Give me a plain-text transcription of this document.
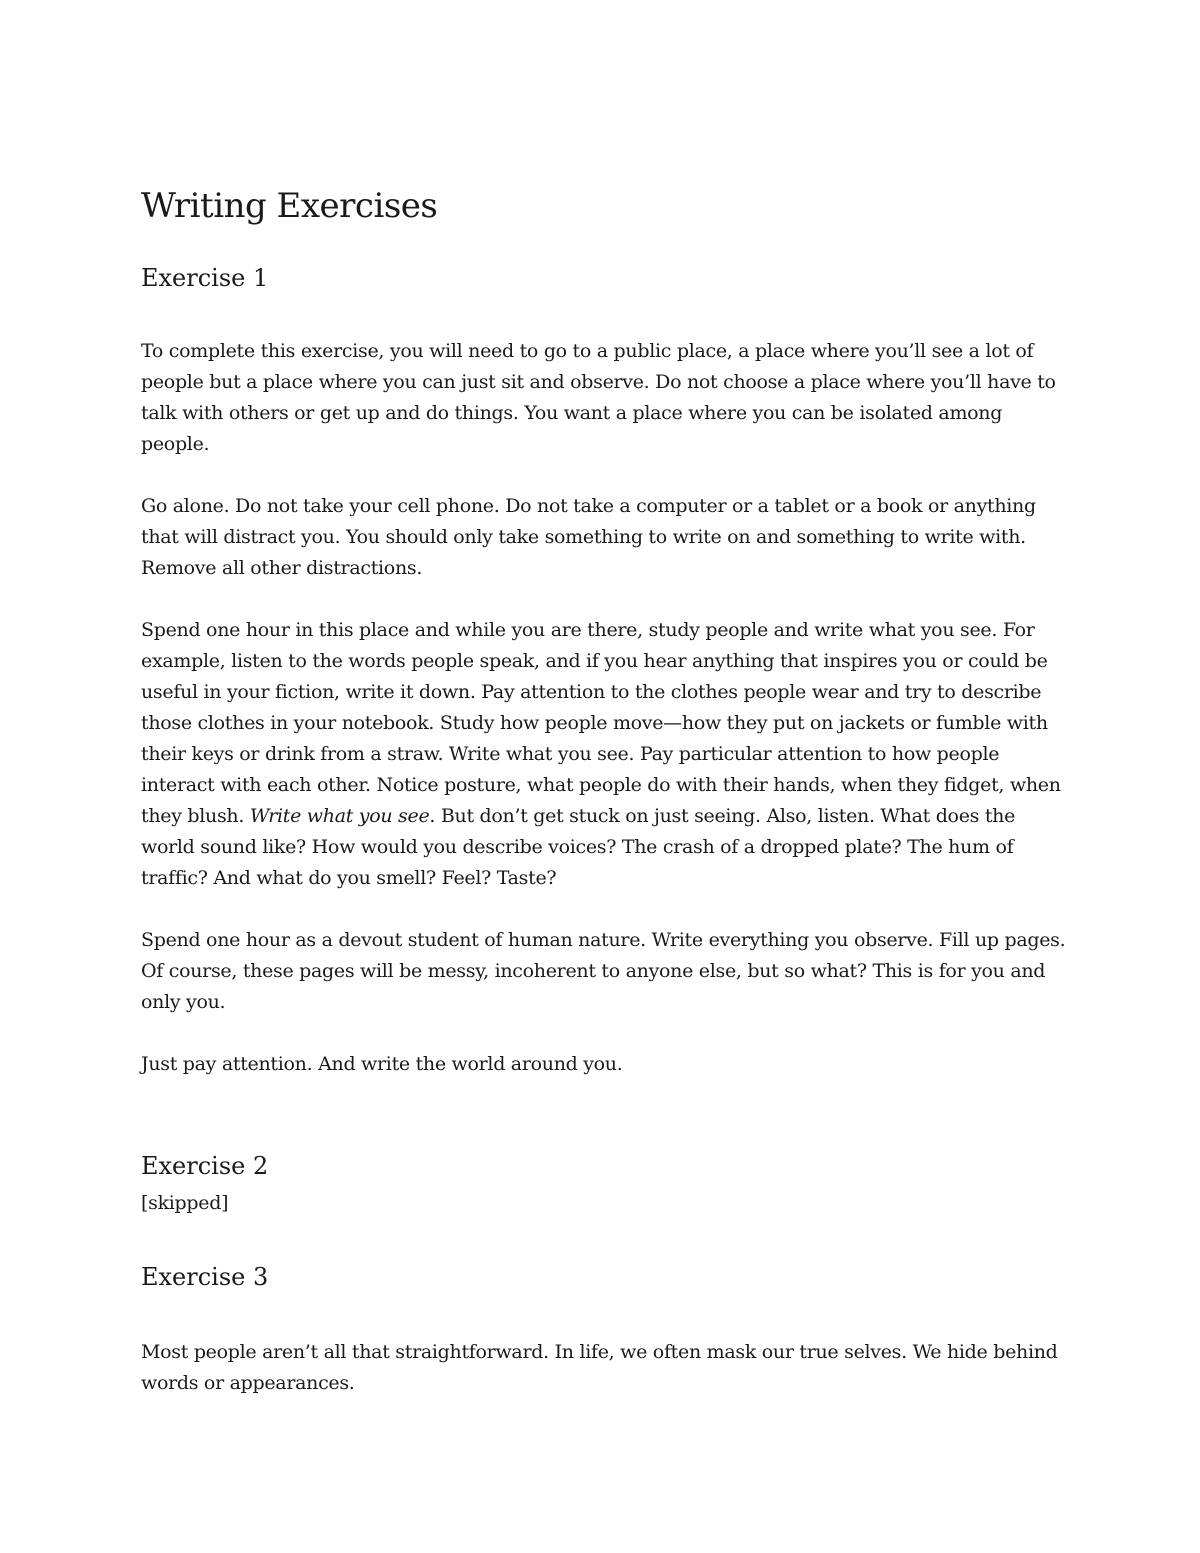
Writing Exercises
Exercise 1

To complete this exercise, you will need to go to a public place, a place where you’ll see a lot of people but a place where you can just sit and observe. Do not choose a place where you’ll have to talk with others or get up and do things. You want a place where you can be isolated among people.

Go alone. Do not take your cell phone. Do not take a computer or a tablet or a book or anything that will distract you. You should only take something to write on and something to write with. Remove all other distractions.

Spend one hour in this place and while you are there, study people and write what you see. For example, listen to the words people speak, and if you hear anything that inspires you or could be useful in your fiction, write it down. Pay attention to the clothes people wear and try to describe those clothes in your notebook. Study how people move—how they put on jackets or fumble with their keys or drink from a straw. Write what you see. Pay particular attention to how people interact with each other. Notice posture, what people do with their hands, when they fidget, when they blush. Write what you see. But don’t get stuck on just seeing. Also, listen. What does the world sound like? How would you describe voices? The crash of a dropped plate? The hum of traffic? And what do you smell? Feel? Taste?

Spend one hour as a devout student of human nature. Write everything you observe. Fill up pages. Of course, these pages will be messy, incoherent to anyone else, but so what? This is for you and only you.

Just pay attention. And write the world around you.

Exercise 2

[skipped]

Exercise 3

Most people aren’t all that straightforward. In life, we often mask our true selves. We hide behind words or appearances.
